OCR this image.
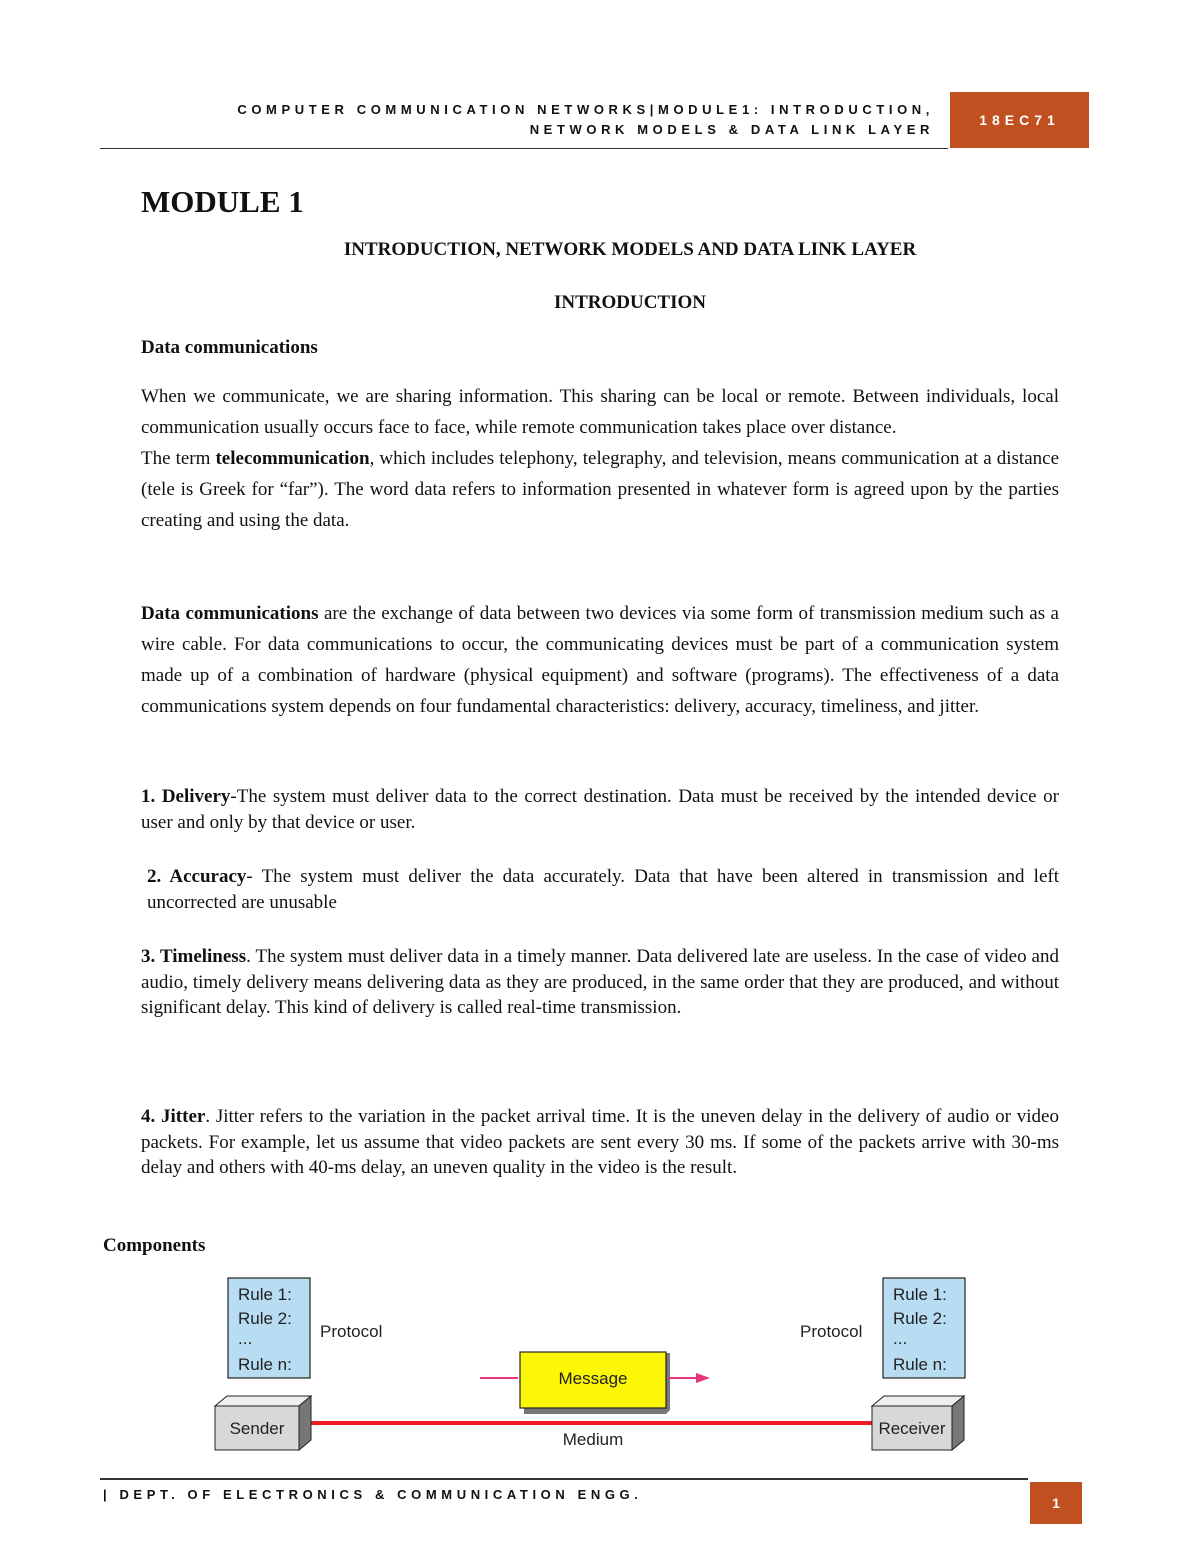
COMPUTER COMMUNICATION NETWORKS|MODULE1: INTRODUCTION,
NETWORK MODELS & DATA LINK LAYER
18EC71
MODULE 1
INTRODUCTION, NETWORK MODELS AND DATA LINK LAYER
INTRODUCTION
Data communications
When we communicate, we are sharing information. This sharing can be local or remote. Between individuals, local communication usually occurs face to face, while remote communication takes place over distance.
The term telecommunication, which includes telephony, telegraphy, and television, means communication at a distance (tele is Greek for “far”). The word data refers to information presented in whatever form is agreed upon by the parties creating and using the data.
Data communications are the exchange of data between two devices via some form of transmission medium such as a wire cable. For data communications to occur, the communicating devices must be part of a communication system made up of a combination of hardware (physical equipment) and software (programs). The effectiveness of a data communications system depends on four fundamental characteristics: delivery, accuracy, timeliness, and jitter.
1. Delivery-The system must deliver data to the correct destination. Data must be received by the intended device or user and only by that device or user.
2. Accuracy- The system must deliver the data accurately. Data that have been altered in transmission and left uncorrected are unusable
3. Timeliness. The system must deliver data in a timely manner. Data delivered late are useless. In the case of video and audio, timely delivery means delivering data as they are produced, in the same order that they are produced, and without significant delay. This kind of delivery is called real-time transmission.
4. Jitter. Jitter refers to the variation in the packet arrival time. It is the uneven delay in the delivery of audio or video packets. For example, let us assume that video packets are sent every 30 ms. If some of the packets arrive with 30-ms delay and others with 40-ms delay, an uneven quality in the video is the result.
Components
Rule 1:
Rule 2:
...
Rule n:
Protocol
Rule 1:
Rule 2:
...
Rule n:
Protocol
Message
Medium
Sender	Receiver
| DEPT. OF ELECTRONICS & COMMUNICATION ENGG.
1
